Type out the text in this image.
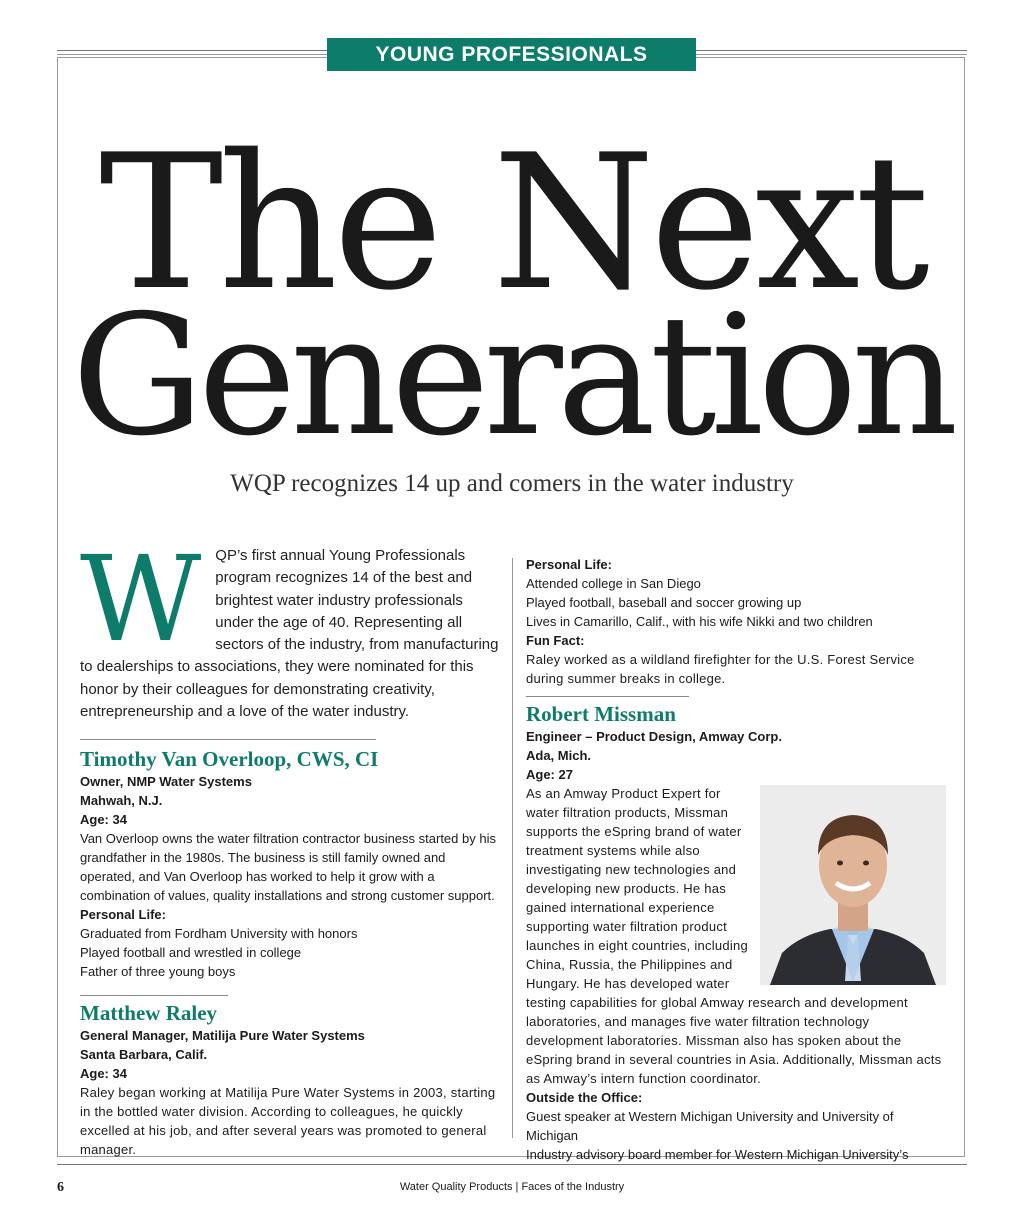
YOUNG PROFESSIONALS
The Next
Generation
WQP recognizes 14 up and comers in the water industry
WQP’s first annual Young Professionals program recognizes 14 of the best and brightest water industry professionals under the age of 40. Representing all sectors of the industry, from manufacturing to dealerships to associations, they were nominated for this honor by their colleagues for demonstrating creativity, entrepreneurship and a love of the water industry.
Timothy Van Overloop, CWS, CI
Owner, NMP Water Systems
Mahwah, N.J.
Age: 34
Van Overloop owns the water filtration contractor business started by his grandfather in the 1980s. The business is still family owned and operated, and Van Overloop has worked to help it grow with a combination of values, quality installations and strong customer support.
Personal Life:
Graduated from Fordham University with honors
Played football and wrestled in college
Father of three young boys
Matthew Raley
General Manager, Matilija Pure Water Systems
Santa Barbara, Calif.
Age: 34
Raley began working at Matilija Pure Water Systems in 2003, starting in the bottled water division. According to colleagues, he quickly excelled at his job, and after several years was promoted to general manager.
Personal Life:
Attended college in San Diego
Played football, baseball and soccer growing up
Lives in Camarillo, Calif., with his wife Nikki and two children
Fun Fact:
Raley worked as a wildland firefighter for the U.S. Forest Service during summer breaks in college.
Robert Missman
Engineer – Product Design, Amway Corp.
Ada, Mich.
Age: 27
As an Amway Product Expert for water filtration products, Missman supports the eSpring brand of water treatment systems while also investigating new technologies and developing new products. He has gained international experience supporting water filtration product launches in eight countries, including China, Russia, the Philippines and Hungary. He has developed water testing capabilities for global Amway research and development laboratories, and manages five water filtration technology development laboratories. Missman also has spoken about the eSpring brand in several countries in Asia. Additionally, Missman acts as Amway’s intern function coordinator.
Outside the Office:
Guest speaker at Western Michigan University and University of Michigan
Industry advisory board member for Western Michigan University’s
6	Water Quality Products | Faces of the Industry
